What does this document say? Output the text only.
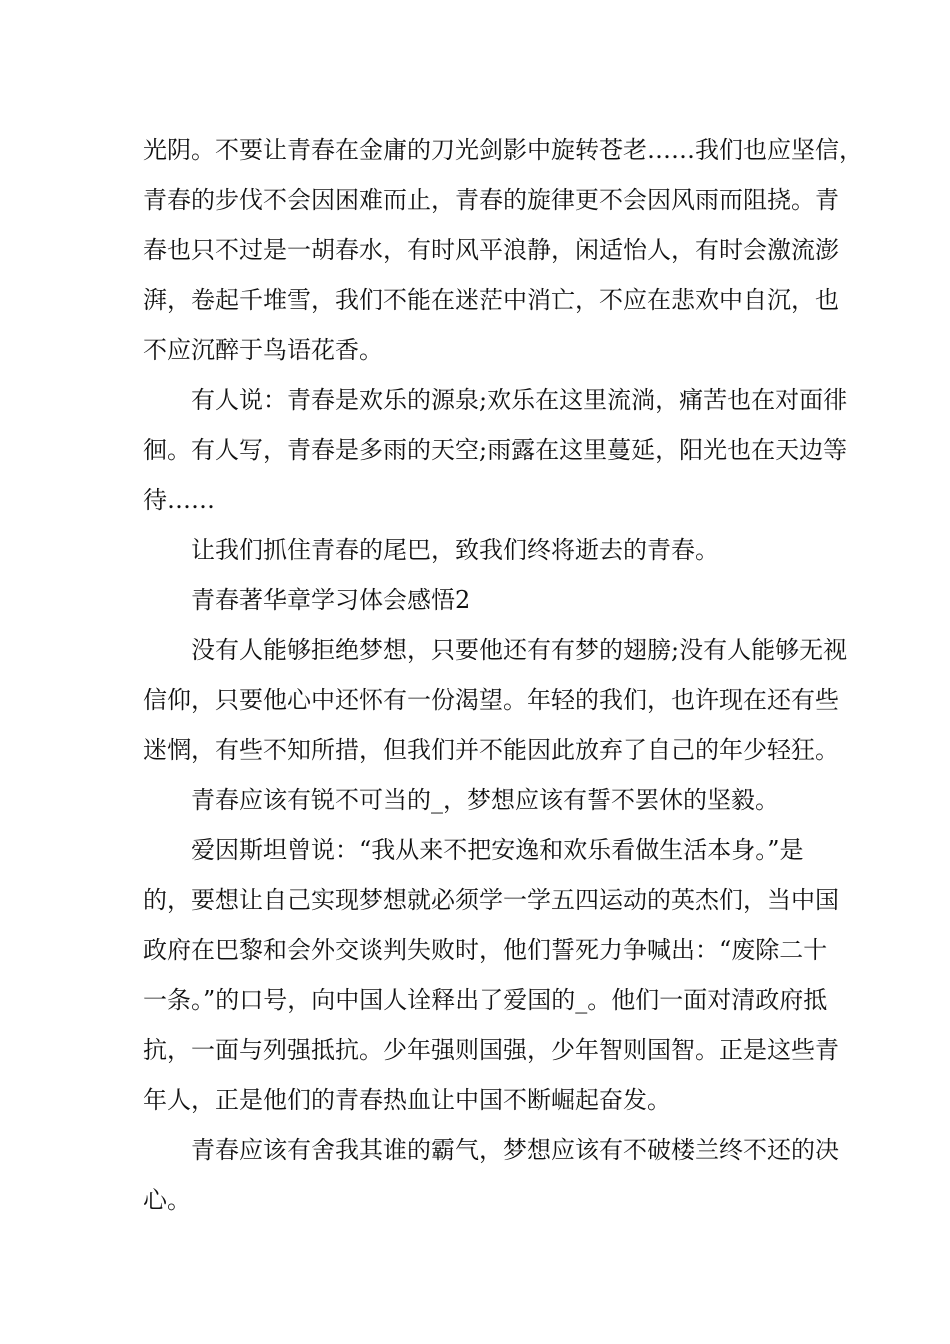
光阴。不要让青春在金庸的刀光剑影中旋转苍老……我们也应坚信，
青春的步伐不会因困难而止，青春的旋律更不会因风雨而阻挠。青
春也只不过是一胡春水，有时风平浪静，闲适怡人，有时会激流澎
湃，卷起千堆雪，我们不能在迷茫中消亡，不应在悲欢中自沉，也
不应沉醉于鸟语花香。
有人说：青春是欢乐的源泉;欢乐在这里流淌，痛苦也在对面徘
徊。有人写，青春是多雨的天空;雨露在这里蔓延，阳光也在天边等
待……
让我们抓住青春的尾巴，致我们终将逝去的青春。
青春著华章学习体会感悟2
没有人能够拒绝梦想，只要他还有有梦的翅膀;没有人能够无视
信仰，只要他心中还怀有一份渴望。年轻的我们，也许现在还有些
迷惘，有些不知所措，但我们并不能因此放弃了自己的年少轻狂。
青春应该有锐不可当的_，梦想应该有誓不罢休的坚毅。
爱因斯坦曾说：“我从来不把安逸和欢乐看做生活本身。”是
的，要想让自己实现梦想就必须学一学五四运动的英杰们，当中国
政府在巴黎和会外交谈判失败时，他们誓死力争喊出：“废除二十
一条。”的口号，向中国人诠释出了爱国的_。他们一面对清政府抵
抗，一面与列强抵抗。少年强则国强，少年智则国智。正是这些青
年人，正是他们的青春热血让中国不断崛起奋发。
青春应该有舍我其谁的霸气，梦想应该有不破楼兰终不还的决
心。
